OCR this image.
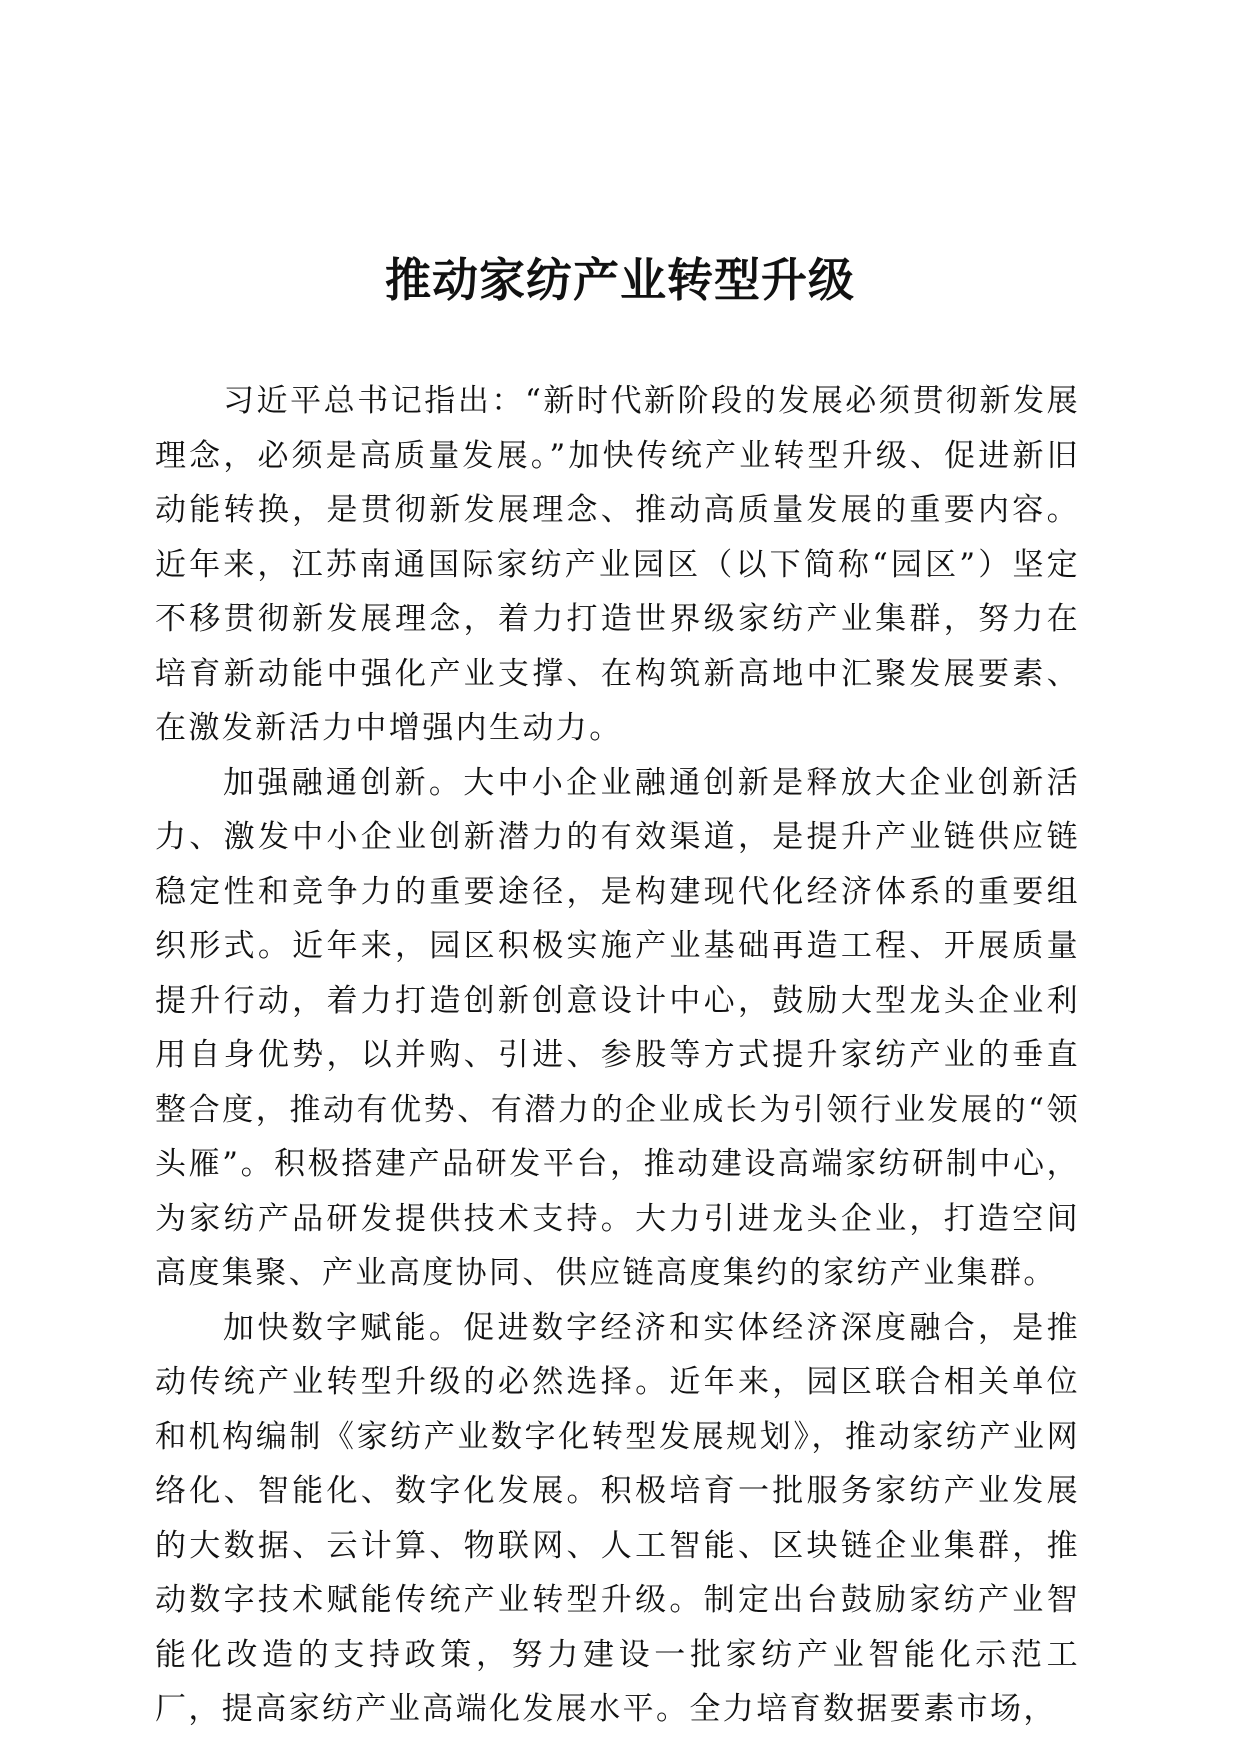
推动家纺产业转型升级

习近平总书记指出：“新时代新阶段的发展必须贯彻新发展理念，必须是高质量发展。”加快传统产业转型升级、促进新旧动能转换，是贯彻新发展理念、推动高质量发展的重要内容。近年来，江苏南通国际家纺产业园区（以下简称“园区”）坚定不移贯彻新发展理念，着力打造世界级家纺产业集群，努力在培育新动能中强化产业支撑、在构筑新高地中汇聚发展要素、在激发新活力中增强内生动力。

加强融通创新。大中小企业融通创新是释放大企业创新活力、激发中小企业创新潜力的有效渠道，是提升产业链供应链稳定性和竞争力的重要途径，是构建现代化经济体系的重要组织形式。近年来，园区积极实施产业基础再造工程、开展质量提升行动，着力打造创新创意设计中心，鼓励大型龙头企业利用自身优势，以并购、引进、参股等方式提升家纺产业的垂直整合度，推动有优势、有潜力的企业成长为引领行业发展的“领头雁”。积极搭建产品研发平台，推动建设高端家纺研制中心，为家纺产品研发提供技术支持。大力引进龙头企业，打造空间高度集聚、产业高度协同、供应链高度集约的家纺产业集群。

加快数字赋能。促进数字经济和实体经济深度融合，是推动传统产业转型升级的必然选择。近年来，园区联合相关单位和机构编制《家纺产业数字化转型发展规划》，推动家纺产业网络化、智能化、数字化发展。积极培育一批服务家纺产业发展的大数据、云计算、物联网、人工智能、区块链企业集群，推动数字技术赋能传统产业转型升级。制定出台鼓励家纺产业智能化改造的支持政策，努力建设一批家纺产业智能化示范工厂，提高家纺产业高端化发展水平。全力培育数据要素市场，
